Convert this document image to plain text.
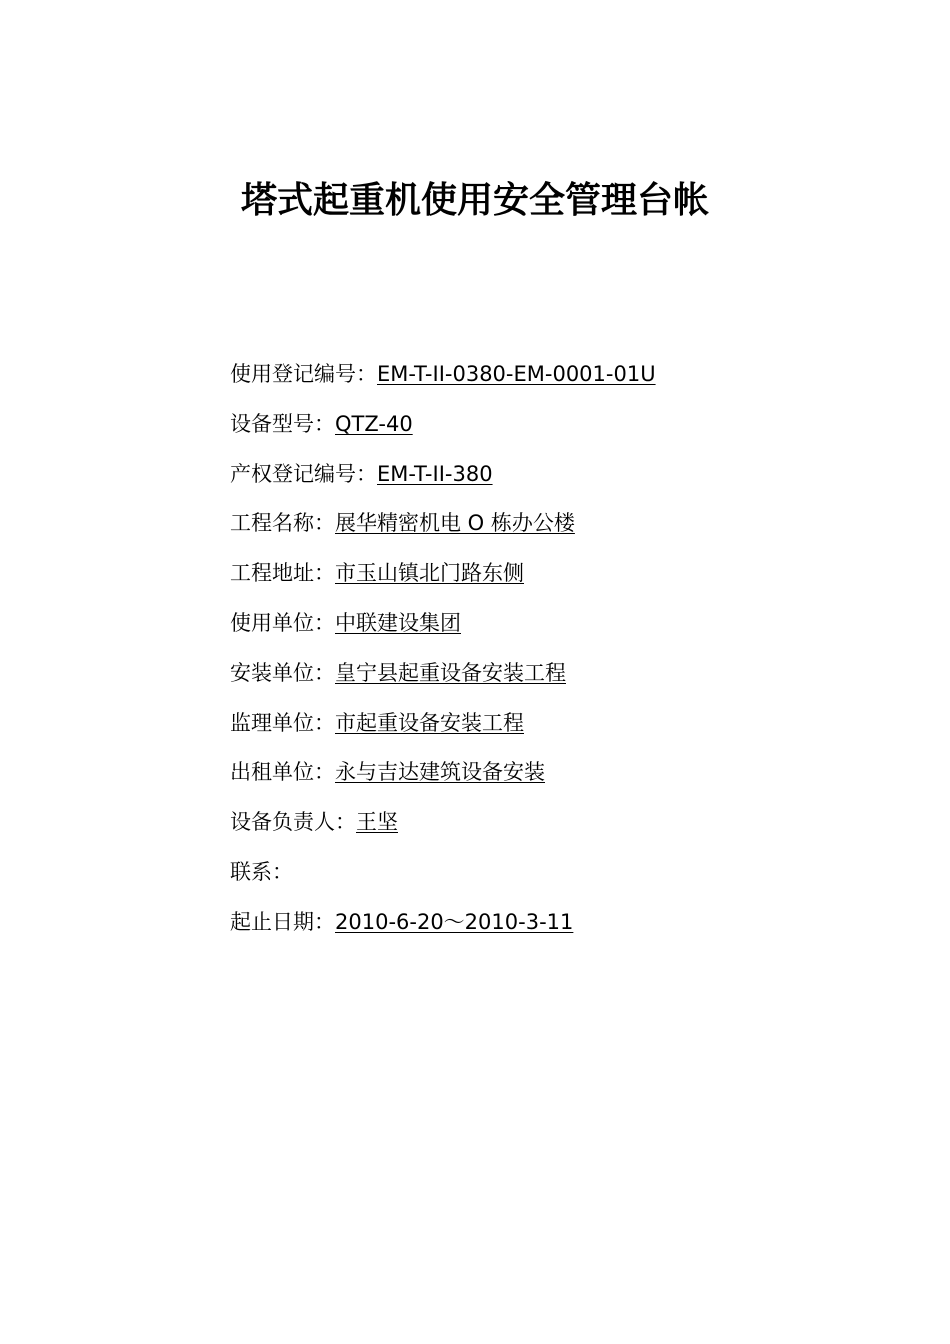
塔式起重机使用安全管理台帐
使用登记编号：EM-T-II-0380-EM-0001-01U
设备型号：QTZ-40
产权登记编号：EM-T-II-380
工程名称：展华精密机电 O 栋办公楼
工程地址：市玉山镇北门路东侧
使用单位：中联建设集团
安装单位：皇宁县起重设备安装工程
监理单位：市起重设备安装工程
出租单位：永与吉达建筑设备安装
设备负责人：王坚
联系：
起止日期：2010-6-20～2010-3-11
